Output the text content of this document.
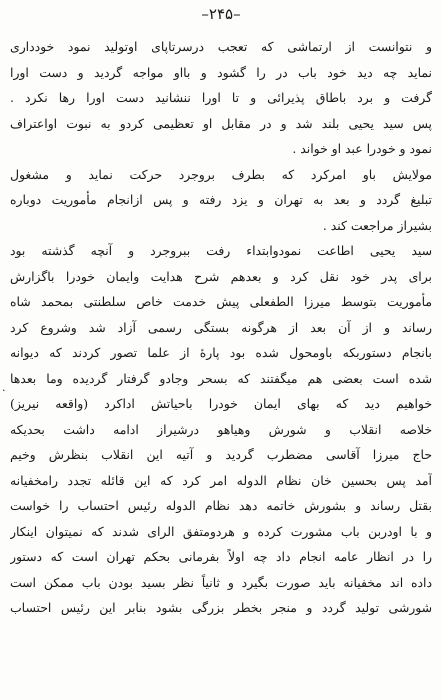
–۲۴۵–
·
و نتوانست از ارتماشی که تعجب درسرتاپای اوتولید نمود خودداری
نماید چه دید خود باب در را گشود و بااو مواجه گردید و دست اورا
گرفت و برد باطاق پذیرائی و تا اورا ننشانید دست اورا رها نکرد .
پس سید یحیی بلند شد و در مقابل او تعظیمی کردو به نبوت اواعتراف
نمود و خودرا عبد او خواند .
مولایش باو امرکرد که بطرف بروجرد حرکت نماید و مشغول
تبلیغ گردد و بعد به تهران و یزد رفته و پس ازانجام مأموریت دوباره
بشیراز مراجعت کند .
سید یحیی اطاعت نمودوابتداء رفت ببروجرد و آنچه گذشته بود
برای پدر خود نقل کرد و بعدهم شرح هدایت وایمان خودرا باگزارش
مأموریت بتوسط میرزا الطفعلی پیش خدمت خاص سلطنتی بمحمد شاه
رساند و از آن بعد از هرگونه بستگی رسمی آزاد شد وشروع کرد
بانجام دستوربکه باومحول شده بود پارهٔ از علما تصور کردند که دیوانه
شده است بعضی هم میگفتند که بسحر وجادو گرفتار گردیده وما بعدها
خواهیم دید که بهای ایمان خودرا باحیاتش اداکرد (واقعه نیریز)
خلاصه انقلاب و شورش وهیاهو درشیراز ادامه داشت بحدیکه
حاج میرزا آقاسی مضطرب گردید و آتیه این انقلاب بنظرش وخیم
آمد پس بحسین خان نظام الدوله امر کرد که این قائله تجدد رامخفیانه
بقتل رساند و بشورش خاتمه دهد نظام الدوله رئیس احتساب را خواست
و با اودربن باب مشورت کرده و هردومتفق الرای شدند که نمیتوان اینکار
را در انظار عامه انجام داد چه اولاً بفرمانی بحکم تهران است که دستور
داده اند مخفیانه باید صورت بگیرد و ثانیاً نظر بسید بودن باب ممکن است
شورشی تولید گردد و منجر بخطر بزرگی بشود بنابر این رئیس احتساب
